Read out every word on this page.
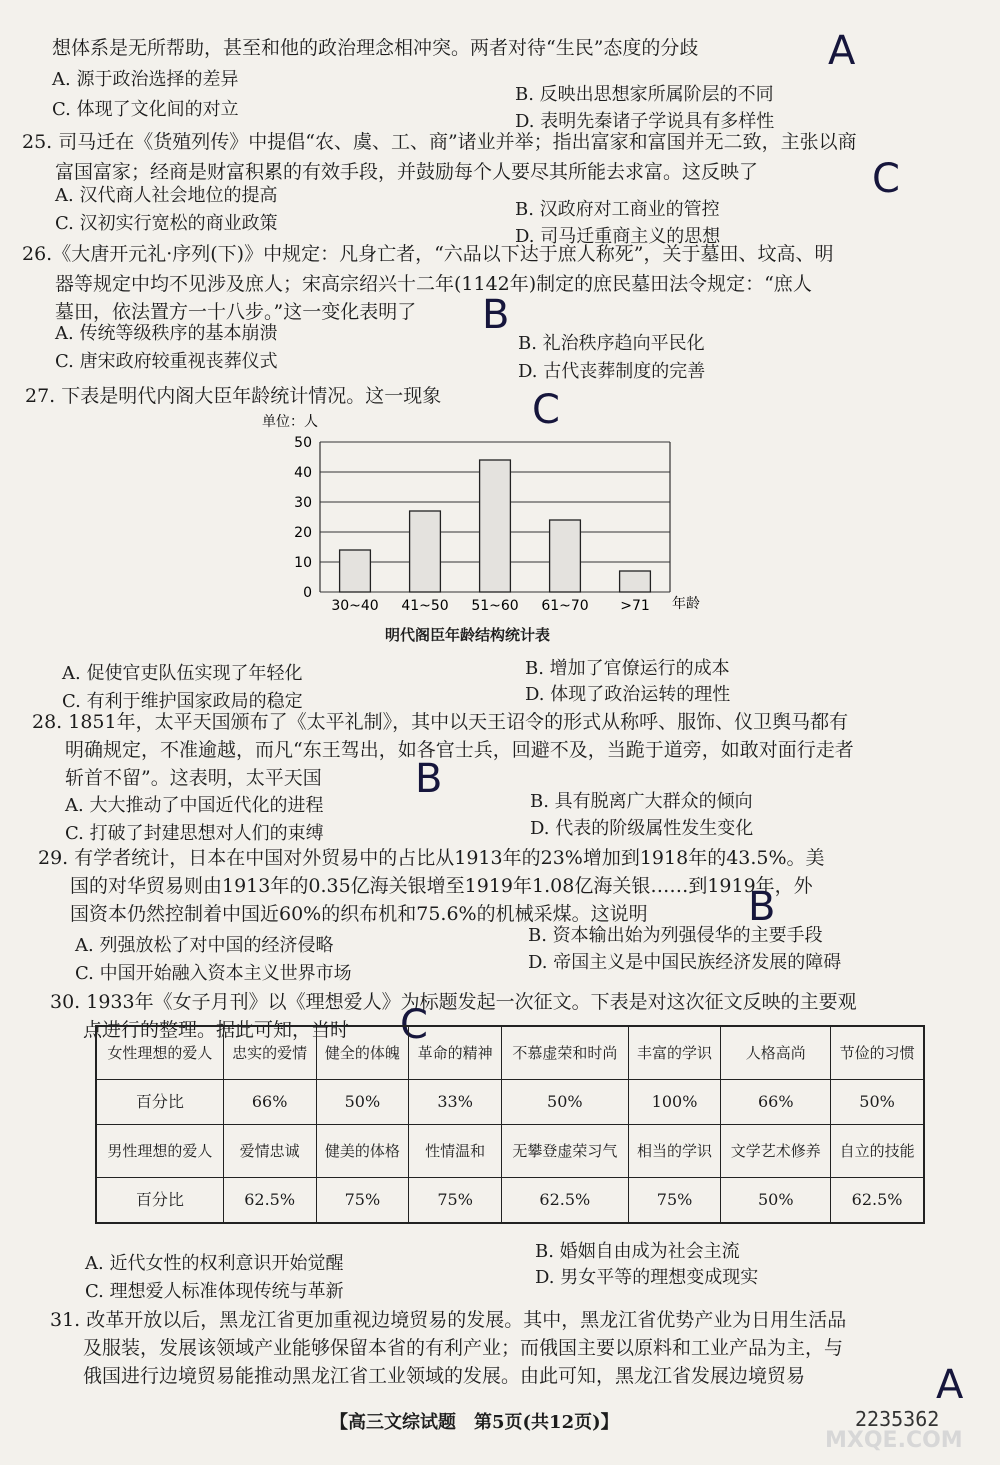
想体系是无所帮助，甚至和他的政治理念相冲突。两者对待“生民”态度的分歧	A
A. 源于政治选择的差异
C. 体现了文化间的对立
B. 反映出思想家所属阶层的不同
D. 表明先秦诸子学说具有多样性
25. 司马迁在《货殖列传》中提倡“农、虞、工、商”诸业并举；指出富家和富国并无二致，主张以商
富国富家；经商是财富积累的有效手段，并鼓励每个人要尽其所能去求富。这反映了	C
A. 汉代商人社会地位的提高
C. 汉初实行宽松的商业政策
B. 汉政府对工商业的管控
D. 司马迁重商主义的思想
26.《大唐开元礼·序列(下)》中规定：凡身亡者，“六品以下达于庶人称死”，关于墓田、坟高、明
器等规定中均不见涉及庶人；宋高宗绍兴十二年(1142年)制定的庶民墓田法令规定：“庶人
墓田，依法置方一十八步。”这一变化表明了 B
A. 传统等级秩序的基本崩溃
C. 唐宋政府较重视丧葬仪式
B. 礼治秩序趋向平民化
D. 古代丧葬制度的完善
27. 下表是明代内阁大臣年龄统计情况。这一现象 C
单位：人
0
10
20
30
40
50
30~40 41~50 51~60 61~70 >71 年龄
明代阁臣年龄结构统计表
A. 促使官吏队伍实现了年轻化
C. 有利于维护国家政局的稳定
B. 增加了官僚运行的成本
D. 体现了政治运转的理性
28. 1851年，太平天国颁布了《太平礼制》，其中以天王诏令的形式从称呼、服饰、仪卫舆马都有
明确规定，不准逾越，而凡“东王驾出，如各官士兵，回避不及，当跪于道旁，如敢对面行走者
斩首不留”。这表明，太平天国 B
A. 大大推动了中国近代化的进程
C. 打破了封建思想对人们的束缚
B. 具有脱离广大群众的倾向
D. 代表的阶级属性发生变化
29. 有学者统计，日本在中国对外贸易中的占比从1913年的23%增加到1918年的43.5%。美
国的对华贸易则由1913年的0.35亿海关银增至1919年1.08亿海关银……到1919年，外
国资本仍然控制着中国近60%的织布机和75.6%的机械采煤。这说明	B
A. 列强放松了对中国的经济侵略
C. 中国开始融入资本主义世界市场
B. 资本输出始为列强侵华的主要手段
D. 帝国主义是中国民族经济发展的障碍
30. 1933年《女子月刊》以《理想爱人》为标题发起一次征文。下表是对这次征文反映的主要观
点进行的整理。据此可知，当时 C
女性理想的爱人	忠实的爱情	健全的体魄	革命的精神	不慕虚荣和时尚	丰富的学识	人格高尚	节俭的习惯
百分比	66%	50%	33%	50%	100%	66%	50%
男性理想的爱人	爱情忠诚	健美的体格	性情温和	无攀登虚荣习气	相当的学识	文学艺术修养	自立的技能
百分比	62.5%	75%	75%	62.5%	75%	50%	62.5%
A. 近代女性的权利意识开始觉醒
C. 理想爱人标准体现传统与革新
B. 婚姻自由成为社会主流
D. 男女平等的理想变成现实
31. 改革开放以后，黑龙江省更加重视边境贸易的发展。其中，黑龙江省优势产业为日用生活品
及服装，发展该领域产业能够保留本省的有利产业；而俄国主要以原料和工业产品为主，与
俄国进行边境贸易能推动黑龙江省工业领域的发展。由此可知，黑龙江省发展边境贸易	A
【高三文综试题　第5页(共12页)】	2235362
MXQE.COM
